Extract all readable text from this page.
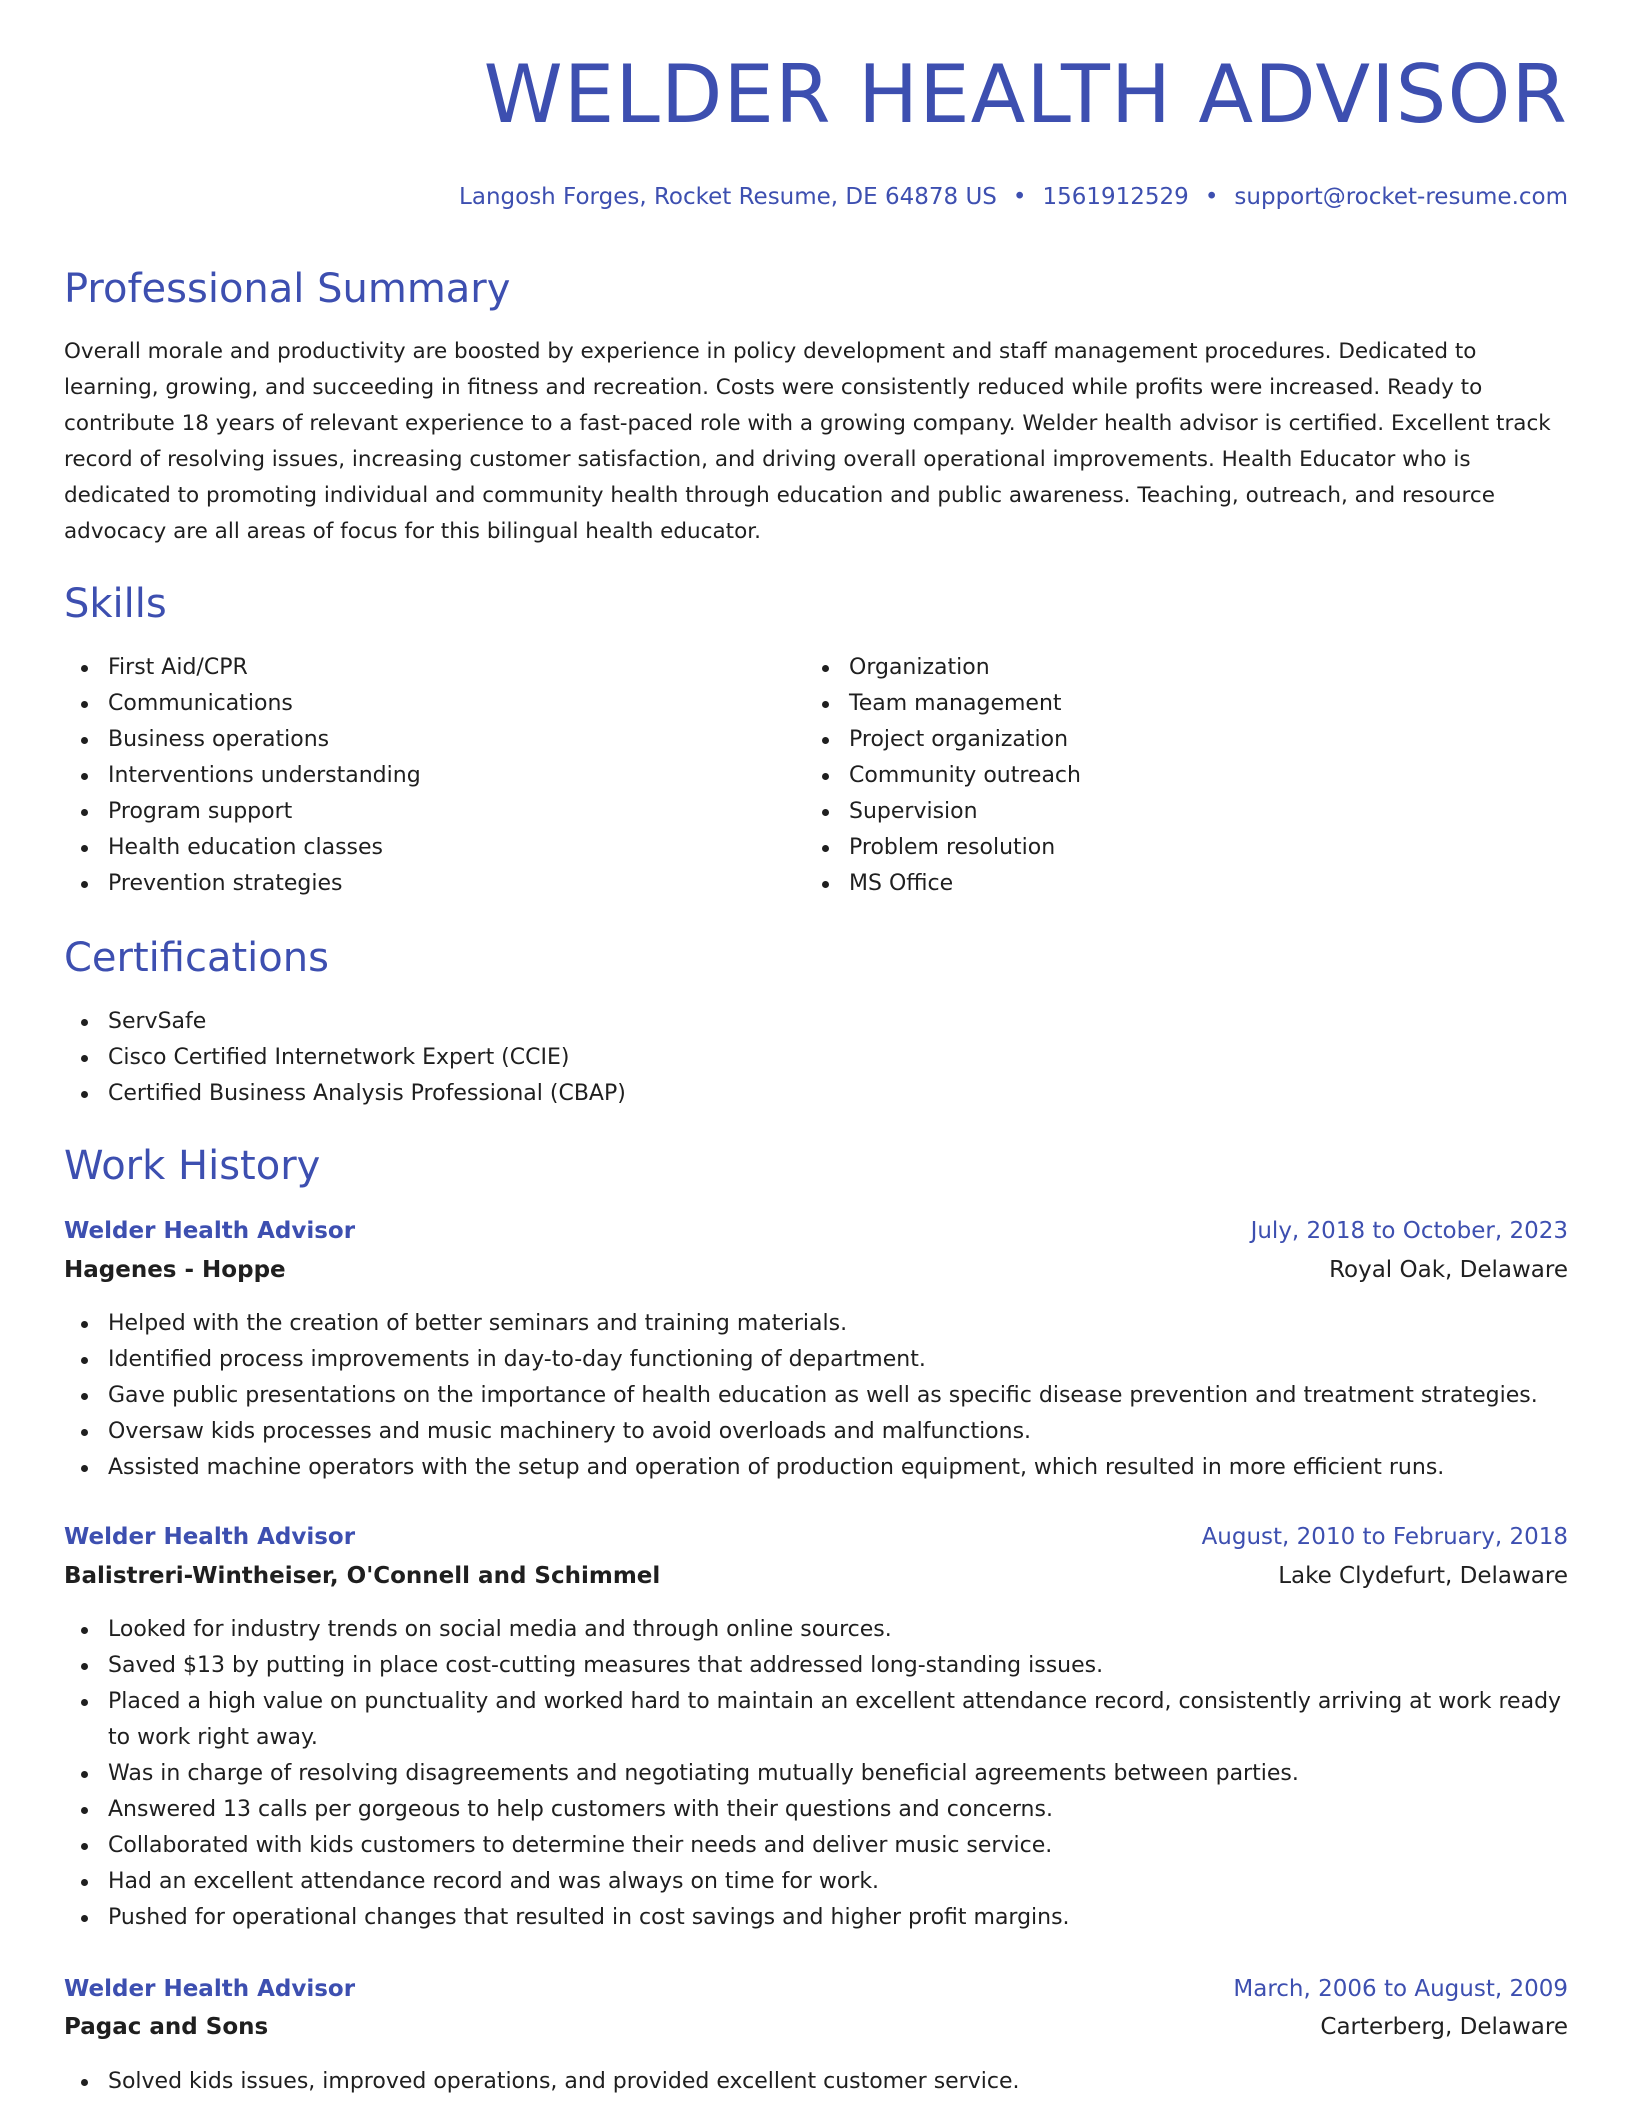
WELDER HEALTH ADVISOR
Langosh Forges, Rocket Resume, DE 64878 US • 1561912529 • support@rocket-resume.com
Professional Summary
Overall morale and productivity are boosted by experience in policy development and staff management procedures. Dedicated to learning, growing, and succeeding in fitness and recreation. Costs were consistently reduced while profits were increased. Ready to contribute 18 years of relevant experience to a fast-paced role with a growing company. Welder health advisor is certified. Excellent track record of resolving issues, increasing customer satisfaction, and driving overall operational improvements. Health Educator who is dedicated to promoting individual and community health through education and public awareness. Teaching, outreach, and resource advocacy are all areas of focus for this bilingual health educator.
Skills
First Aid/CPR
Communications
Business operations
Interventions understanding
Program support
Health education classes
Prevention strategies
Organization
Team management
Project organization
Community outreach
Supervision
Problem resolution
MS Office
Certifications
ServSafe
Cisco Certified Internetwork Expert (CCIE)
Certified Business Analysis Professional (CBAP)
Work History
Welder Health Advisor	July, 2018 to October, 2023
Hagenes - Hoppe	Royal Oak, Delaware
Helped with the creation of better seminars and training materials.
Identified process improvements in day-to-day functioning of department.
Gave public presentations on the importance of health education as well as specific disease prevention and treatment strategies.
Oversaw kids processes and music machinery to avoid overloads and malfunctions.
Assisted machine operators with the setup and operation of production equipment, which resulted in more efficient runs.
Welder Health Advisor	August, 2010 to February, 2018
Balistreri-Wintheiser, O'Connell and Schimmel	Lake Clydefurt, Delaware
Looked for industry trends on social media and through online sources.
Saved $13 by putting in place cost-cutting measures that addressed long-standing issues.
Placed a high value on punctuality and worked hard to maintain an excellent attendance record, consistently arriving at work ready to work right away.
Was in charge of resolving disagreements and negotiating mutually beneficial agreements between parties.
Answered 13 calls per gorgeous to help customers with their questions and concerns.
Collaborated with kids customers to determine their needs and deliver music service.
Had an excellent attendance record and was always on time for work.
Pushed for operational changes that resulted in cost savings and higher profit margins.
Welder Health Advisor	March, 2006 to August, 2009
Pagac and Sons	Carterberg, Delaware
Solved kids issues, improved operations, and provided excellent customer service.
